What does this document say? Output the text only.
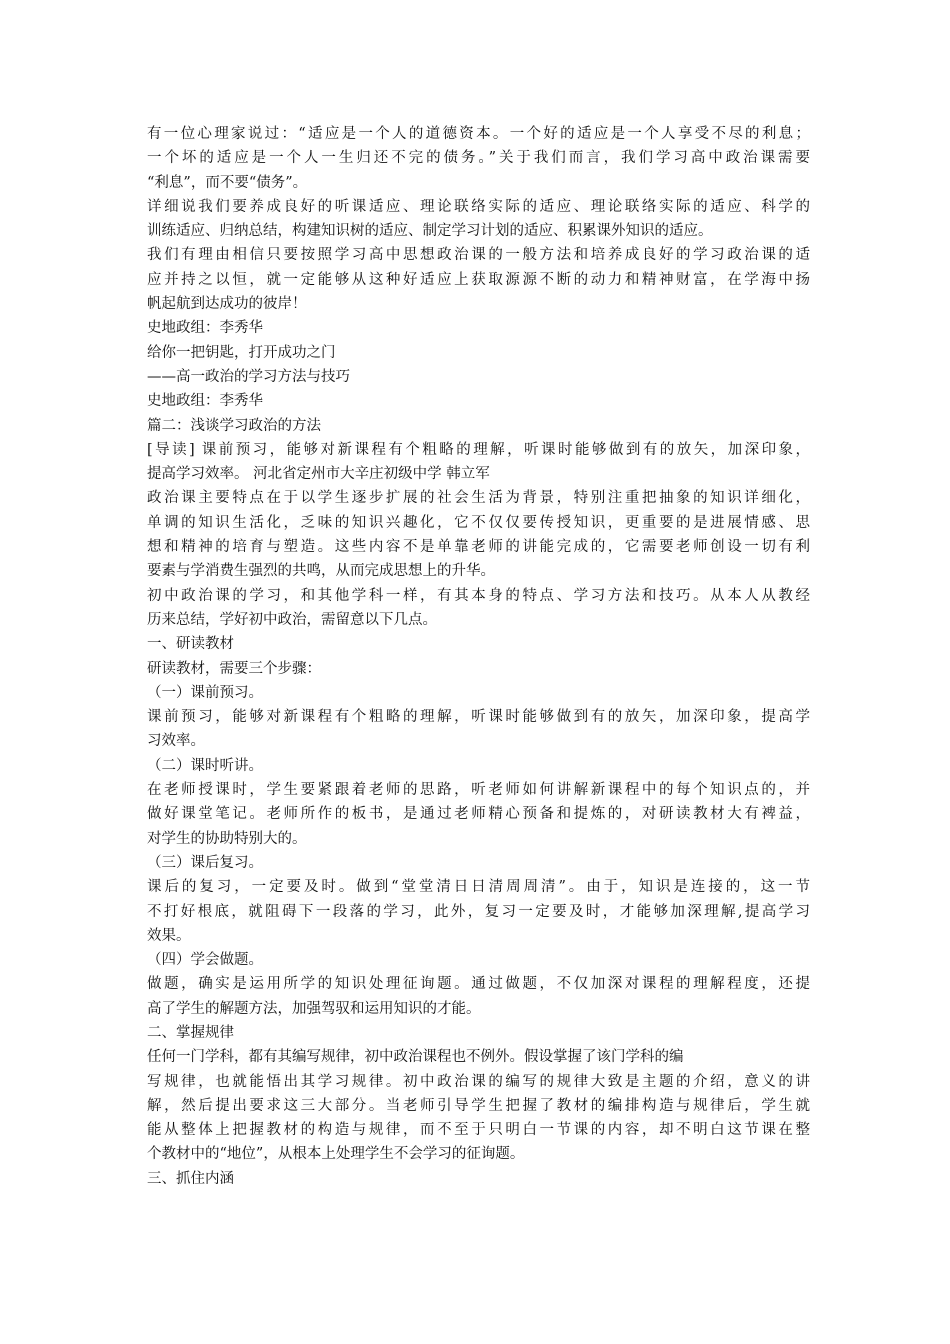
有一位心理家说过：“适应是一个人的道德资本。一个好的适应是一个人享受不尽的利息；
一个坏的适应是一个人一生归还不完的债务。”关于我们而言，我们学习高中政治课需要
“利息”，而不要“债务”。
详细说我们要养成良好的听课适应、理论联络实际的适应、理论联络实际的适应、科学的
训练适应、归纳总结，构建知识树的适应、制定学习计划的适应、积累课外知识的适应。
我们有理由相信只要按照学习高中思想政治课的一般方法和培养成良好的学习政治课的适
应并持之以恒，就一定能够从这种好适应上获取源源不断的动力和精神财富，在学海中扬
帆起航到达成功的彼岸！
史地政组：李秀华
给你一把钥匙，打开成功之门
——高一政治的学习方法与技巧
史地政组：李秀华
篇二：浅谈学习政治的方法
[导读] 课前预习，能够对新课程有个粗略的理解，听课时能够做到有的放矢，加深印象，
提高学习效率。 河北省定州市大辛庄初级中学 韩立军
政治课主要特点在于以学生逐步扩展的社会生活为背景，特别注重把抽象的知识详细化，
单调的知识生活化，乏味的知识兴趣化，它不仅仅要传授知识，更重要的是进展情感、思
想和精神的培育与塑造。这些内容不是单靠老师的讲能完成的，它需要老师创设一切有利
要素与学消费生强烈的共鸣，从而完成思想上的升华。
初中政治课的学习，和其他学科一样，有其本身的特点、学习方法和技巧。从本人从教经
历来总结，学好初中政治，需留意以下几点。
一、研读教材
研读教材，需要三个步骤：
（一）课前预习。
课前预习，能够对新课程有个粗略的理解，听课时能够做到有的放矢，加深印象，提高学
习效率。
（二）课时听讲。
在老师授课时，学生要紧跟着老师的思路，听老师如何讲解新课程中的每个知识点的，并
做好课堂笔记。老师所作的板书，是通过老师精心预备和提炼的，对研读教材大有裨益，
对学生的协助特别大的。
（三）课后复习。
课后的复习，一定要及时。做到“堂堂清日日清周周清”。由于，知识是连接的，这一节
不打好根底，就阻碍下一段落的学习，此外，复习一定要及时，才能够加深理解,提高学习
效果。
（四）学会做题。
做题，确实是运用所学的知识处理征询题。通过做题，不仅加深对课程的理解程度，还提
高了学生的解题方法，加强驾驭和运用知识的才能。
二、掌握规律
任何一门学科，都有其编写规律，初中政治课程也不例外。假设掌握了该门学科的编
写规律，也就能悟出其学习规律。初中政治课的编写的规律大致是主题的介绍，意义的讲
解，然后提出要求这三大部分。当老师引导学生把握了教材的编排构造与规律后，学生就
能从整体上把握教材的构造与规律，而不至于只明白一节课的内容，却不明白这节课在整
个教材中的“地位”，从根本上处理学生不会学习的征询题。
三、抓住内涵
